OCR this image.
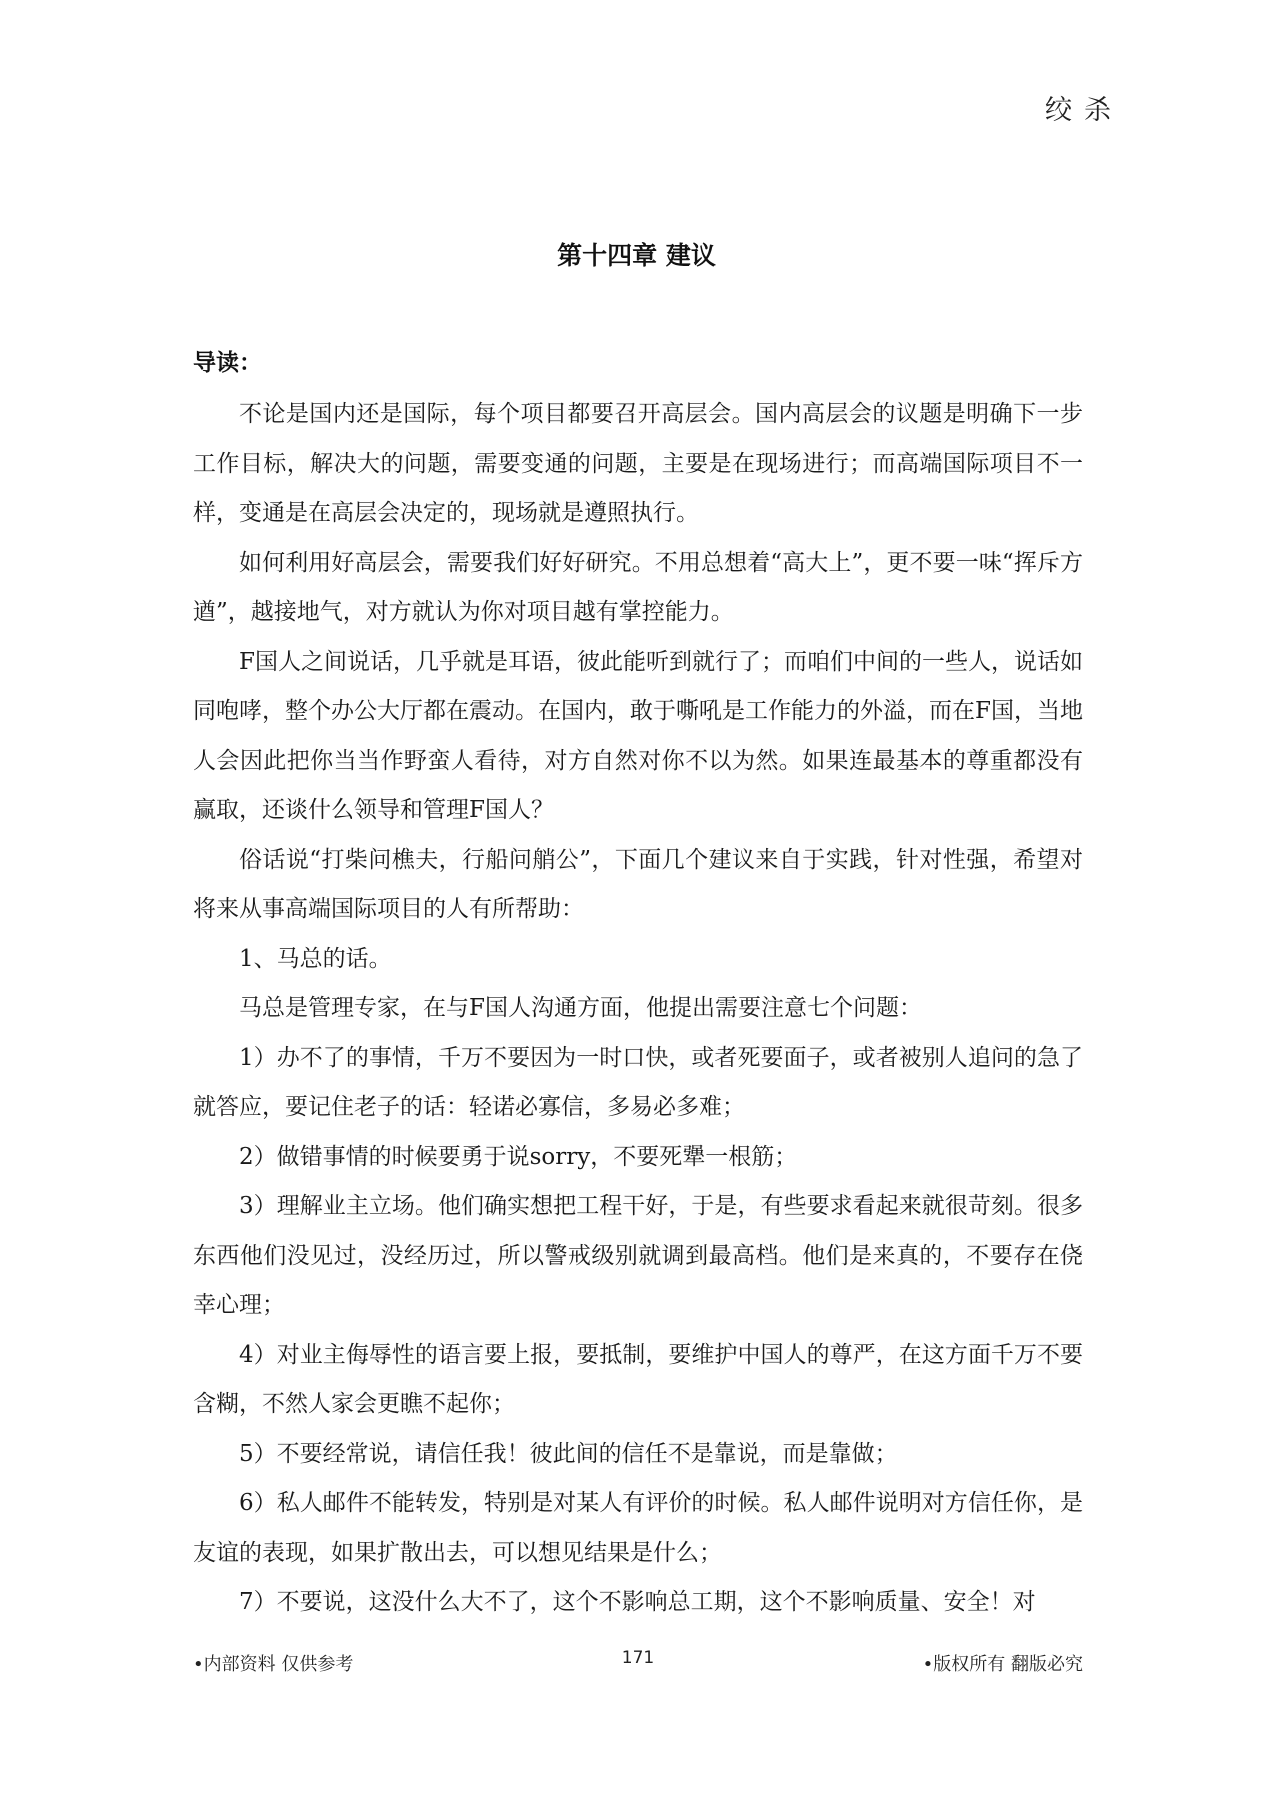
绞杀
第十四章 建议
导读：

不论是国内还是国际，每个项目都要召开高层会。国内高层会的议题是明确下一步工作目标，解决大的问题，需要变通的问题，主要是在现场进行；而高端国际项目不一样，变通是在高层会决定的，现场就是遵照执行。

如何利用好高层会，需要我们好好研究。不用总想着“高大上”，更不要一味“挥斥方遒”，越接地气，对方就认为你对项目越有掌控能力。

F国人之间说话，几乎就是耳语，彼此能听到就行了；而咱们中间的一些人，说话如同咆哮，整个办公大厅都在震动。在国内，敢于嘶吼是工作能力的外溢，而在F国，当地人会因此把你当当作野蛮人看待，对方自然对你不以为然。如果连最基本的尊重都没有赢取，还谈什么领导和管理F国人？

俗话说“打柴问樵夫，行船问艄公”，下面几个建议来自于实践，针对性强，希望对将来从事高端国际项目的人有所帮助：

1、马总的话。

马总是管理专家，在与F国人沟通方面，他提出需要注意七个问题：

1）办不了的事情，千万不要因为一时口快，或者死要面子，或者被别人追问的急了就答应，要记住老子的话：轻诺必寡信，多易必多难；

2）做错事情的时候要勇于说sorry，不要死犟一根筋；

3）理解业主立场。他们确实想把工程干好，于是，有些要求看起来就很苛刻。很多东西他们没见过，没经历过，所以警戒级别就调到最高档。他们是来真的，不要存在侥幸心理；

4）对业主侮辱性的语言要上报，要抵制，要维护中国人的尊严，在这方面千万不要含糊，不然人家会更瞧不起你；

5）不要经常说，请信任我！彼此间的信任不是靠说，而是靠做；

6）私人邮件不能转发，特别是对某人有评价的时候。私人邮件说明对方信任你，是友谊的表现，如果扩散出去，可以想见结果是什么；

7）不要说，这没什么大不了，这个不影响总工期，这个不影响质量、安全！对

•内部资料 仅供参考	171	•版权所有 翻版必究
